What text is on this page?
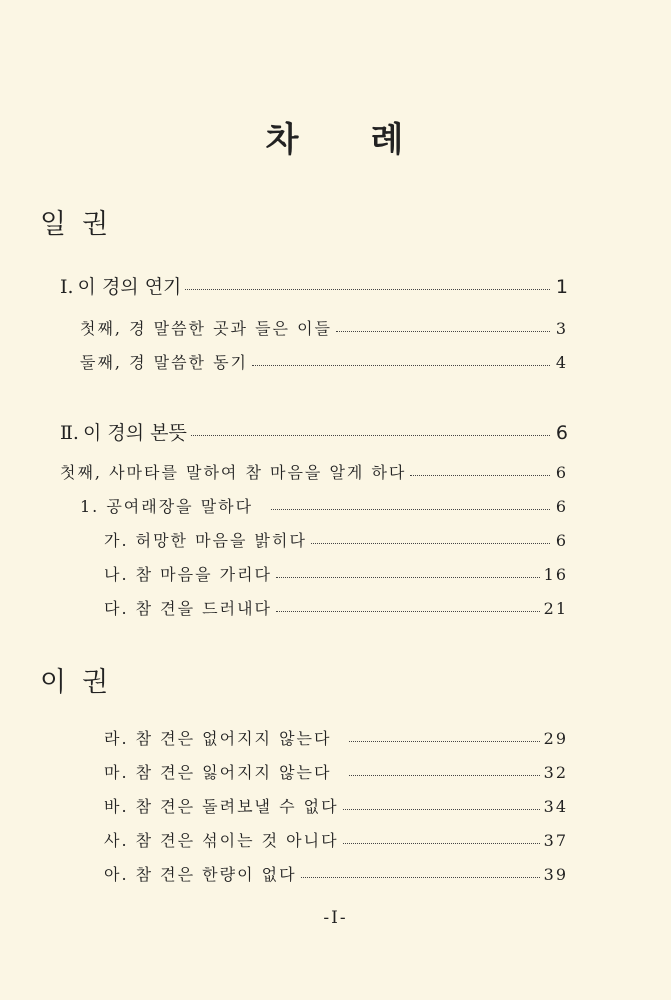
차 례
일 권
Ⅰ. 이 경의 연기	1
첫째, 경 말씀한 곳과 들은 이들	3
둘째, 경 말씀한 동기	4
Ⅱ. 이 경의 본뜻	6
첫째, 사마타를 말하여 참 마음을 알게 하다	6
1. 공여래장을 말하다	6
가. 허망한 마음을 밝히다	6
나. 참 마음을 가리다	16
다. 참 견을 드러내다	21
이 권
라. 참 견은 없어지지 않는다	29
마. 참 견은 잃어지지 않는다	32
바. 참 견은 돌려보낼 수 없다	34
사. 참 견은 섞이는 것 아니다	37
아. 참 견은 한량이 없다	39
-Ⅰ-
